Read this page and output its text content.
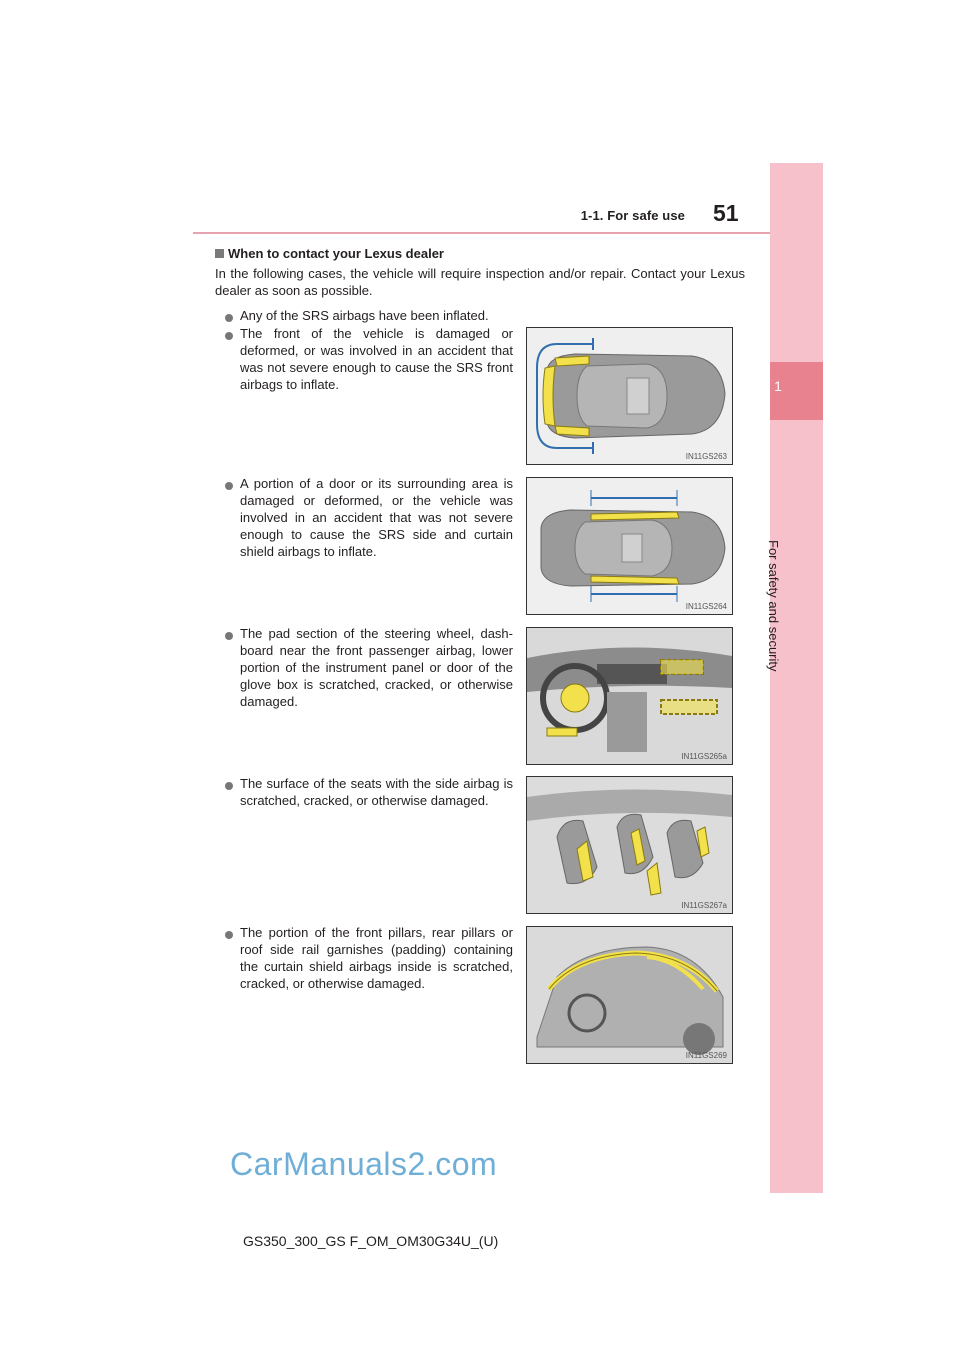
1-1. For safe use 51
1
For safety and security
When to contact your Lexus dealer
In the following cases, the vehicle will require inspection and/or repair. Contact your Lexus dealer as soon as possible.
Any of the SRS airbags have been inflated.
The front of the vehicle is damaged or deformed, or was involved in an accident that was not severe enough to cause the SRS front airbags to inflate.
IN11GS263
A portion of a door or its surrounding area is damaged or deformed, or the vehicle was involved in an accident that was not severe enough to cause the SRS side and curtain shield airbags to inflate.
IN11GS264
The pad section of the steering wheel, dash-board near the front passenger airbag, lower portion of the instrument panel or door of the glove box is scratched, cracked, or otherwise damaged.
IN11GS265a
The surface of the seats with the side airbag is scratched, cracked, or otherwise damaged.
IN11GS267a
The portion of the front pillars, rear pillars or roof side rail garnishes (padding) containing the curtain shield airbags inside is scratched, cracked, or otherwise damaged.
IN11GS269
CarManuals2.com
GS350_300_GS F_OM_OM30G34U_(U)
carmanualsonline.info
